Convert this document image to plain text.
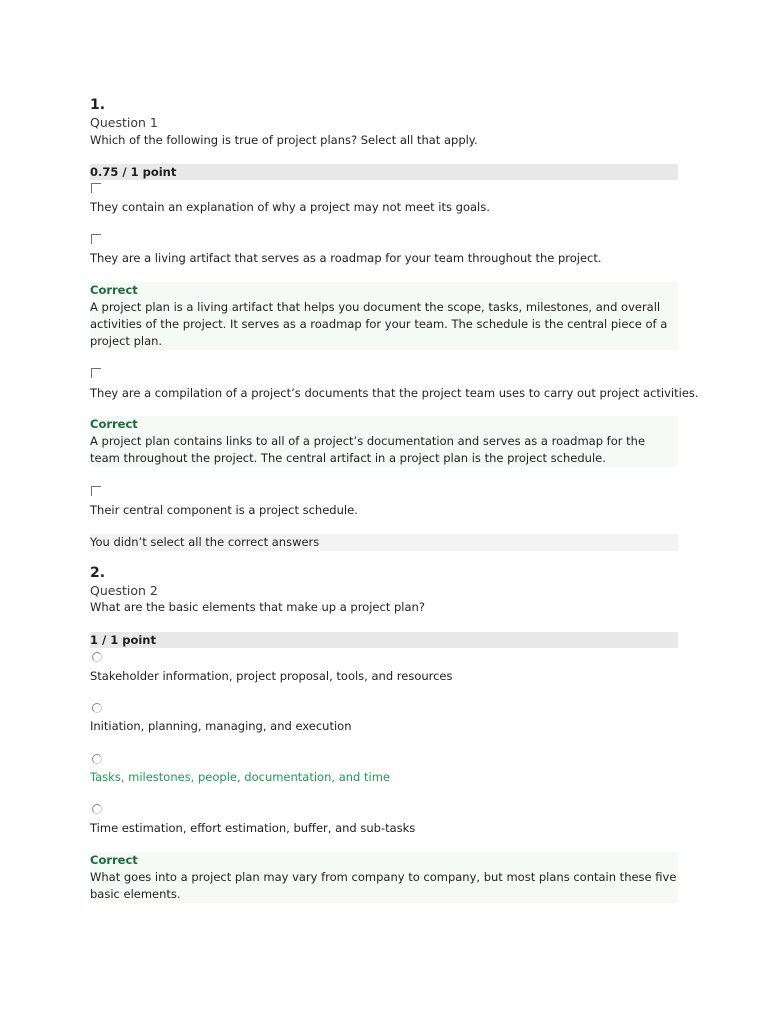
1.
Question 1
Which of the following is true of project plans? Select all that apply.
0.75 / 1 point
They contain an explanation of why a project may not meet its goals.
They are a living artifact that serves as a roadmap for your team throughout the project.
Correct
A project plan is a living artifact that helps you document the scope, tasks, milestones, and overall activities of the project. It serves as a roadmap for your team. The schedule is the central piece of a project plan.
They are a compilation of a project’s documents that the project team uses to carry out project activities.
Correct
A project plan contains links to all of a project’s documentation and serves as a roadmap for the team throughout the project. The central artifact in a project plan is the project schedule.
Their central component is a project schedule.
You didn’t select all the correct answers
2.
Question 2
What are the basic elements that make up a project plan?
1 / 1 point
Stakeholder information, project proposal, tools, and resources
Initiation, planning, managing, and execution
Tasks, milestones, people, documentation, and time
Time estimation, effort estimation, buffer, and sub-tasks
Correct
What goes into a project plan may vary from company to company, but most plans contain these five basic elements.
